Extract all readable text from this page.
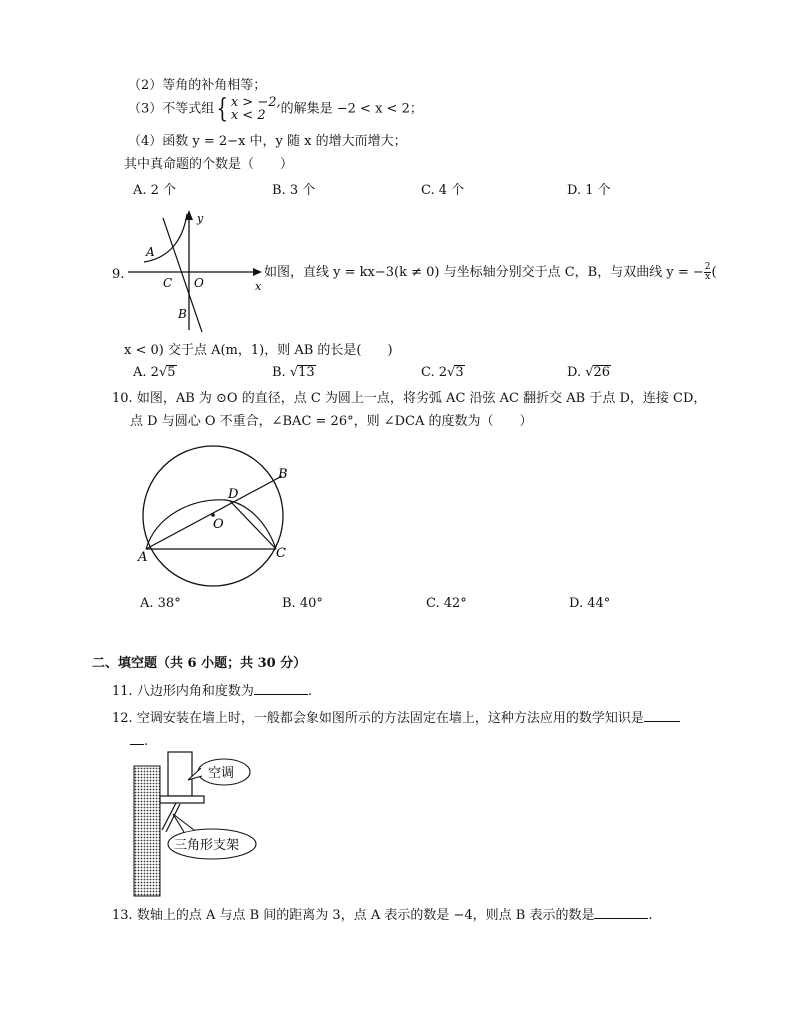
（2）等角的补角相等；
（3）不等式组{ x > −2,
x < 2	的解集是 −2 < x < 2；
（4）函数 y = 2−x 中，y 随 x 的增大而增大；
其中真命题的个数是（　　）
A. 2 个	B. 3 个	C. 4 个	D. 1 个
9.
y
A
C O	x
B
如图，直线 y = kx−3(k ≠ 0) 与坐标轴分别交于点 C，B，与双曲线 y = − $\frac{2}{x}$ (
x < 0) 交于点 A(m，1)，则 AB 的长是(　　)
A. 2√5	B. √13	C. 2√3	D. √26
10. 如图，AB 为 ⊙O 的直径，点 C 为圆上一点，将劣弧 AC 沿弦 AC 翻折交 AB 于点 D，连接 CD，
点 D 与圆心 O 不重合，∠BAC = 26°，则 ∠DCA 的度数为（　　）
A
B
C
D
O
A. 38°	B. 40°	C. 42°	D. 44°
二、填空题（共 6 小题；共 30 分）
11. 八边形内角和度数为	.
12. 空调安装在墙上时，一般都会象如图所示的方法固定在墙上，这种方法应用的数学知识是
.
空调
三角形支架
13. 数轴上的点 A 与点 B 间的距离为 3，点 A 表示的数是 −4，则点 B 表示的数是	.
